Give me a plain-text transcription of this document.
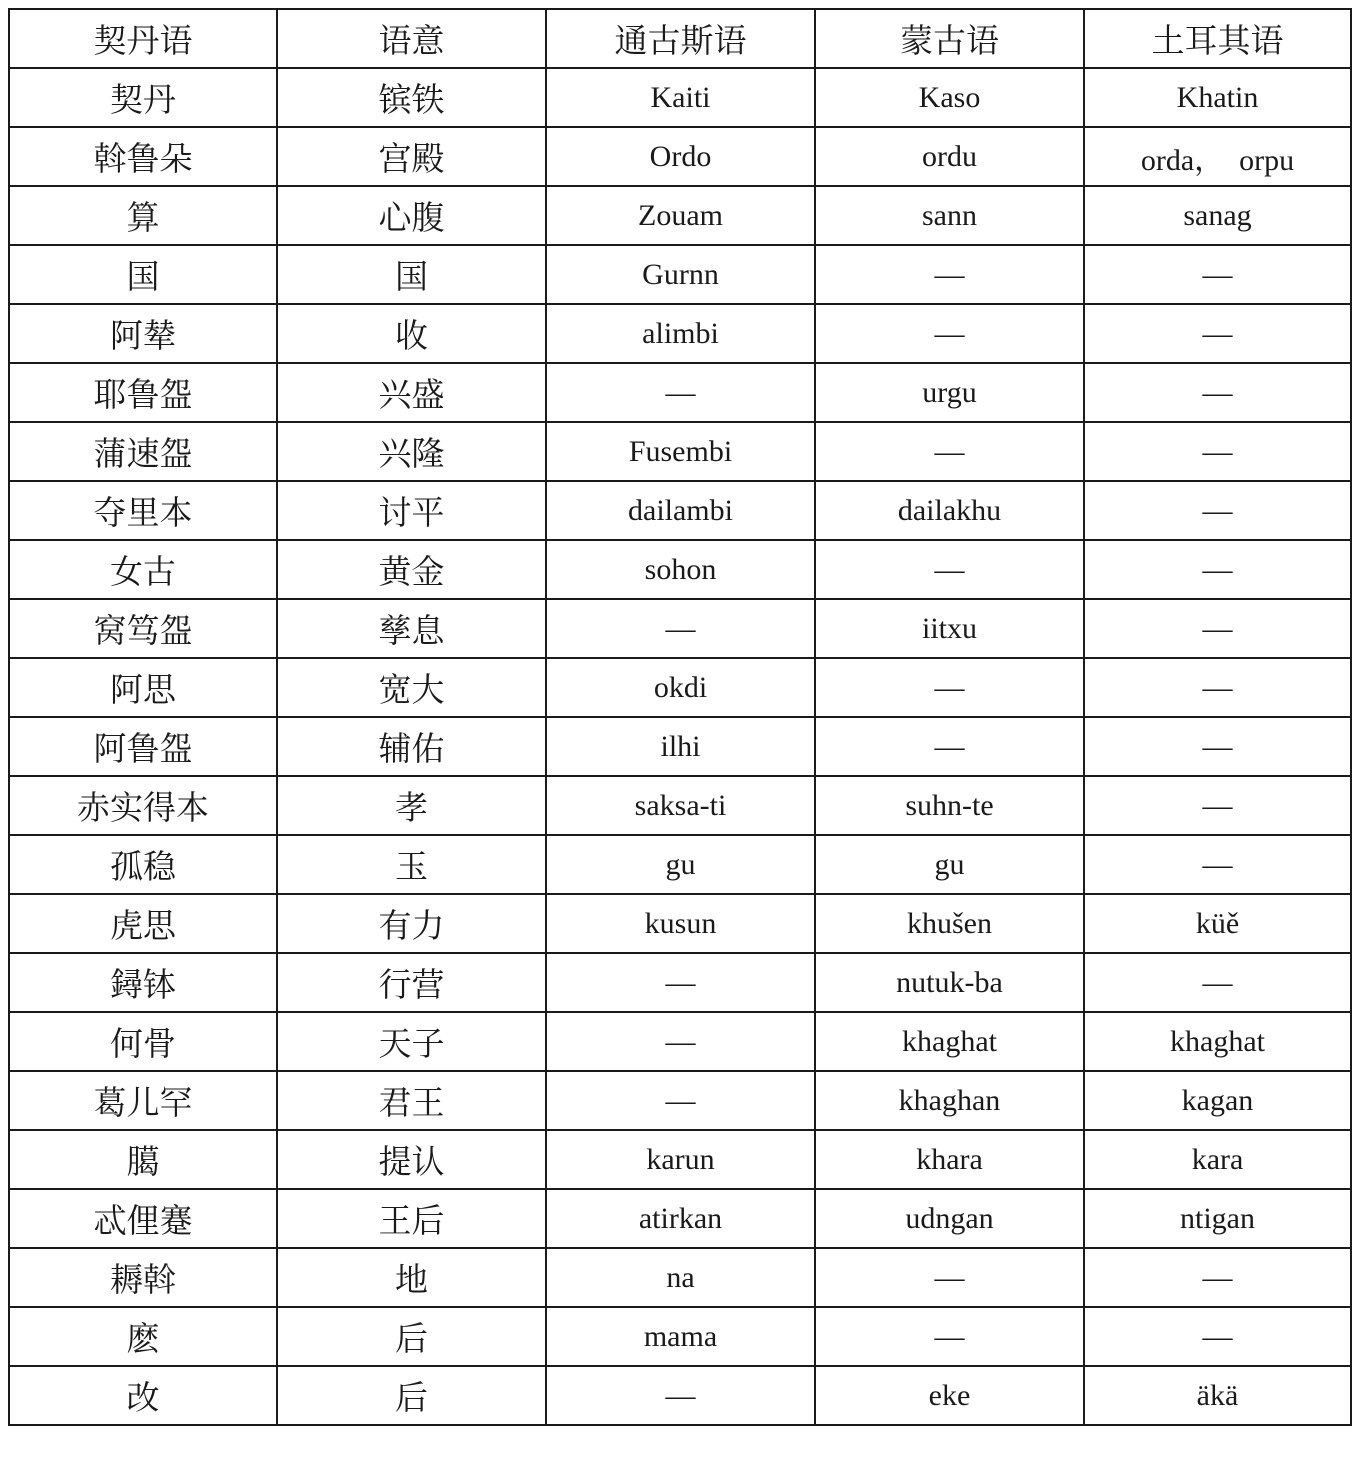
契丹语	语意	通古斯语	蒙古语	土耳其语
契丹	镔铁	Kaiti	Kaso	Khatin
斡鲁朵	宫殿	Ordo	ordu	orda，　orpu
算	心腹	Zouam	sann	sanag
国	国	Gurnn	—	—
阿辇	收	alimbi	—	—
耶鲁盌	兴盛	—	urgu	—
蒲速盌	兴隆	Fusembi	—	—
夺里本	讨平	dailambi	dailakhu	—
女古	黄金	sohon	—	—
窝笃盌	孳息	—	iitxu	—
阿思	宽大	okdi	—	—
阿鲁盌	辅佑	ilhi	—	—
赤实得本	孝	saksa-ti	suhn-te	—
孤稳	玉	gu	gu	—
虎思	有力	kusun	khušen	küě
鐞钵	行营	—	nutuk-ba	—
何骨	天子	—	khaghat	khaghat
葛儿罕	君王	—	khaghan	kagan
臈	提认	karun	khara	kara
忒俚蹇	王后	atirkan	udngan	ntigan
耨斡	地	na	—	—
麽	后	mama	—	—
改	后	—	eke	äkä
